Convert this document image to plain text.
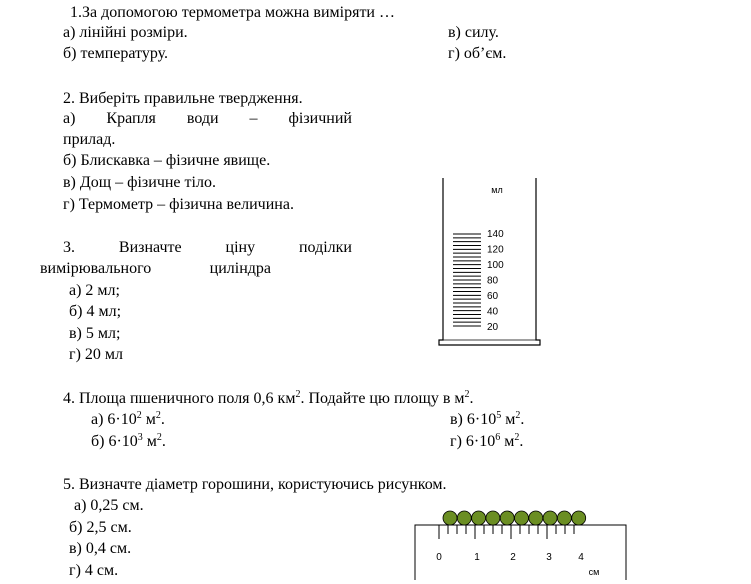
1.За допомогою термометра можна виміряти …
а) лінійні розміри.
б) температуру.
в) силу.
г) об’єм.
2. Виберіть правильне твердження.
а) Крапля води – фізичний
прилад.
б) Блискавка – фізичне явище.
в) Дощ – фізичне тіло.
г) Термометр – фізична величина.
3.	Визначте	ціну	поділки
вимірювального	циліндра
а) 2 мл;
б) 4 мл;
в) 5 мл;
г) 20 мл
мл
140
120
100
80
60
40
20
4. Площа пшеничного поля 0,6 $км^2$. Подайте цю площу в $м^2$.
а) $6\cdot 10^2$ $м^2$.
б) $6\cdot 10^3$ $м^2$.
в) $6\cdot 10^5$ $м^2$.
г) $6\cdot 10^6$ $м^2$.
5. Визначте діаметр горошини, користуючись рисунком.
а) 0,25 см.
б) 2,5 см.
в) 0,4 см.
г) 4 см.
0	1	2	3	4
см
